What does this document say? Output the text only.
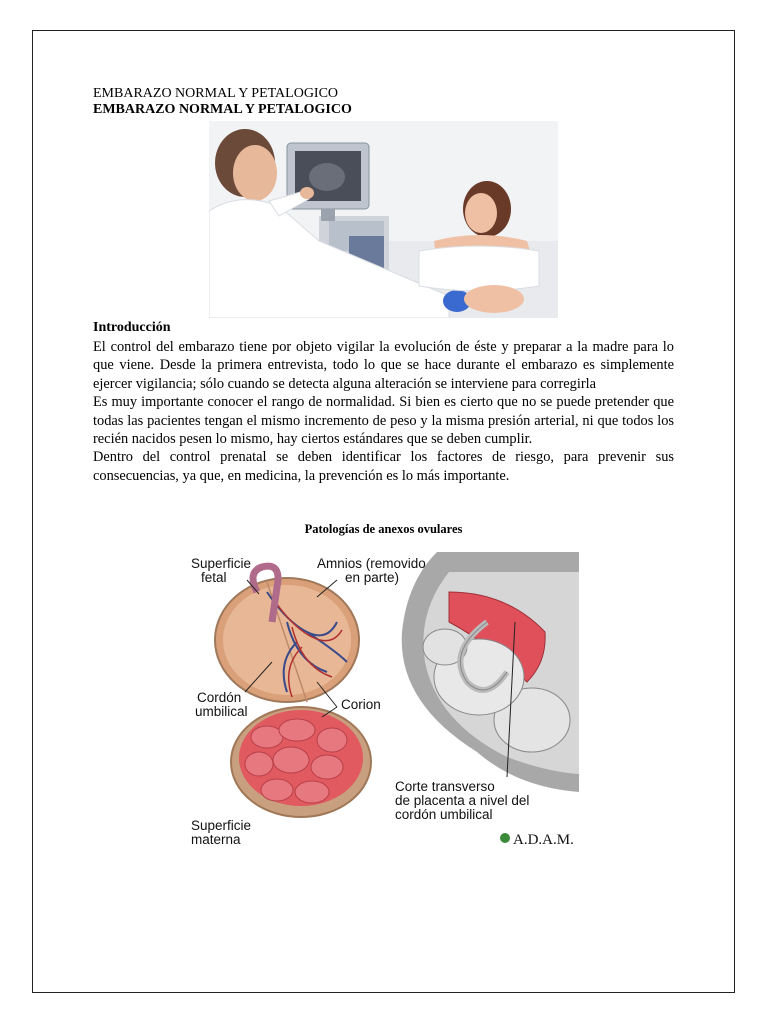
EMBARAZO NORMAL Y PETALOGICO

EMBARAZO NORMAL Y PETALOGICO

Introducción

El control del embarazo tiene por objeto vigilar la evolución de éste y preparar a la madre para lo que viene. Desde la primera entrevista, todo lo que se hace durante el embarazo es simplemente ejercer vigilancia; sólo cuando se detecta alguna alteración se interviene para corregirla

Es muy importante conocer el rango de normalidad. Si bien es cierto que no se puede pretender que todas las pacientes tengan el mismo incremento de peso y la misma presión arterial, ni que todos los recién nacidos pesen lo mismo, hay ciertos estándares que se deben cumplir.

Dentro del control prenatal se deben identificar los factores de riesgo, para prevenir sus consecuencias, ya que, en medicina, la prevención es lo más importante.

Patologías de anexos ovulares

Superficie
fetal
Amnios (removido
en parte)
Cordón
umbilical	Corion
Corte transverso
de placenta a nivel del
cordón umbilical
Superficie
materna	A.D.A.M.
